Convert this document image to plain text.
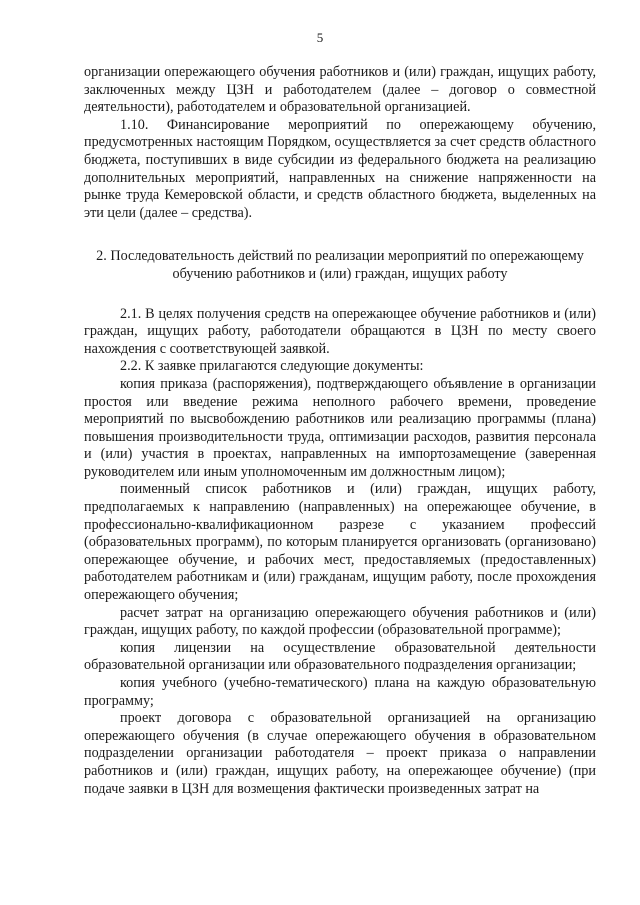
5

организации опережающего обучения работников и (или) граждан, ищущих работу, заключенных между ЦЗН и работодателем (далее – договор о совместной деятельности), работодателем и образовательной организацией.

1.10. Финансирование мероприятий по опережающему обучению, предусмотренных настоящим Порядком, осуществляется за счет средств областного бюджета, поступивших в виде субсидии из федерального бюджета на реализацию дополнительных мероприятий, направленных на снижение напряженности на рынке труда Кемеровской области, и средств областного бюджета, выделенных на эти цели (далее – средства).

2. Последовательность действий по реализации мероприятий по опережающему обучению работников и (или) граждан, ищущих работу

2.1. В целях получения средств на опережающее обучение работников и (или) граждан, ищущих работу, работодатели обращаются в ЦЗН по месту своего нахождения с соответствующей заявкой.

2.2. К заявке прилагаются следующие документы:

копия приказа (распоряжения), подтверждающего объявление в организации простоя или введение режима неполного рабочего времени, проведение мероприятий по высвобождению работников или реализацию программы (плана) повышения производительности труда, оптимизации расходов, развития персонала и (или) участия в проектах, направленных на импортозамещение (заверенная руководителем или иным уполномоченным им должностным лицом);

поименный список работников и (или) граждан, ищущих работу, предполагаемых к направлению (направленных) на опережающее обучение, в профессионально-квалификационном разрезе с указанием профессий (образовательных программ), по которым планируется организовать (организовано) опережающее обучение, и рабочих мест, предоставляемых (предоставленных) работодателем работникам и (или) гражданам, ищущим работу, после прохождения опережающего обучения;

расчет затрат на организацию опережающего обучения работников и (или) граждан, ищущих работу, по каждой профессии (образовательной программе);

копия лицензии на осуществление образовательной деятельности образовательной организации или образовательного подразделения организации;

копия учебного (учебно-тематического) плана на каждую образовательную программу;

проект договора с образовательной организацией на организацию опережающего обучения (в случае опережающего обучения в образовательном подразделении организации работодателя – проект приказа о направлении работников и (или) граждан, ищущих работу, на опережающее обучение) (при подаче заявки в ЦЗН для возмещения фактически произведенных затрат на
